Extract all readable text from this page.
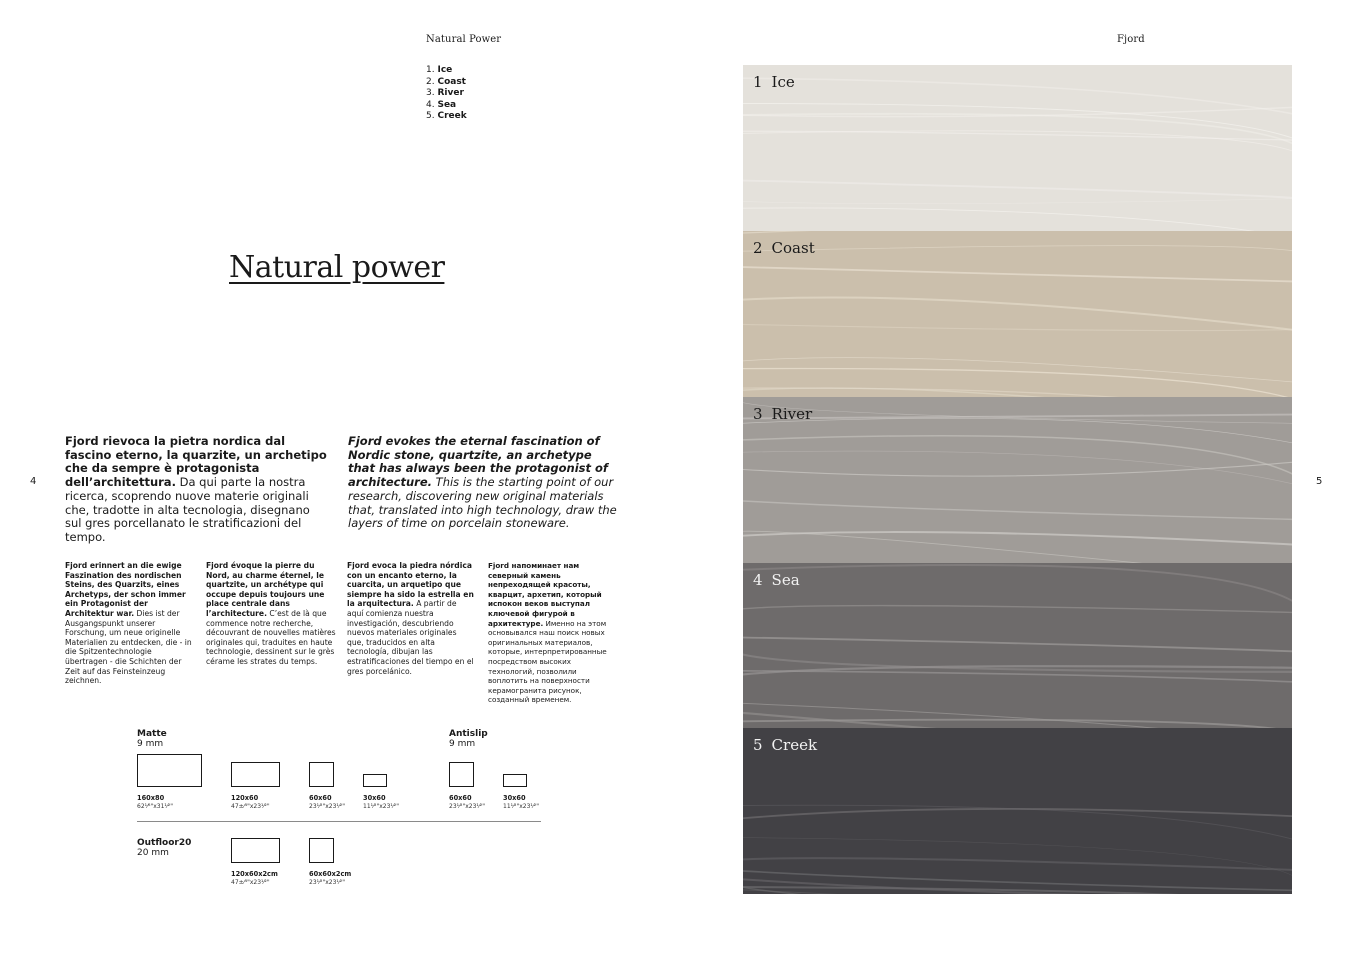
Natural Power
1. Ice
2. Coast
3. River
4. Sea
5. Creek
Natural power
4
Fjord rievoca la pietra nordica dal fascino eterno, la quarzite, un archetipo che da sempre è protagonista dell’architettura. Da qui parte la nostra ricerca, scoprendo nuove materie originali che, tradotte in alta tecnologia, disegnano sul gres porcellanato le stratificazioni del tempo.
Fjord evokes the eternal fascination of Nordic stone, quartzite, an archetype that has always been the protagonist of architecture. This is the starting point of our research, discovering new original materials that, translated into high technology, draw the layers of time on porcelain stoneware.
Fjord erinnert an die ewige Faszination des nordischen Steins, des Quarzits, eines Archetyps, der schon immer ein Protagonist der Architektur war. Dies ist der Ausgangspunkt unserer Forschung, um neue originelle Materialien zu entdecken, die - in die Spitzentechnologie übertragen - die Schichten der Zeit auf das Feinsteinzeug zeichnen.
Fjord évoque la pierre du Nord, au charme éternel, le quartzite, un archétype qui occupe depuis toujours une place centrale dans l’architecture. C’est de là que commence notre recherche, découvrant de nouvelles matières originales qui, traduites en haute technologie, dessinent sur le grès cérame les strates du temps.
Fjord evoca la piedra nórdica con un encanto eterno, la cuarcita, un arquetipo que siempre ha sido la estrella en la arquitectura. A partir de aquí comienza nuestra investigación, descubriendo nuevos materiales originales que, traducidos en alta tecnología, dibujan las estratificaciones del tiempo en el gres porcelánico.
Fjord напоминает нам северный камень непреходящей красоты, кварцит, архетип, который испокон веков выступал ключевой фигурой в архитектуре. Именно на этом основывался наш поиск новых оригинальных материалов, которые, интерпретированные посредством высоких технологий, позволили воплотить на поверхности керамогранита рисунок, созданный временем.
Matte
9 mm
Antislip
9 mm
160x80
62¹⁄⁸"x31¹⁄²"
120x60
47±⁄⁴"x23¹⁄²"
60x60
23¹⁄²"x23¹⁄²"
30x60
11¹⁄²"x23¹⁄²"
60x60
23¹⁄²"x23¹⁄²"
30x60
11¹⁄²"x23¹⁄²"
Outfloor20
20 mm
120x60x2cm
47±⁄⁴"x23¹⁄²"
60x60x2cm
23¹⁄²"x23¹⁄²"
Fjord
5
1 Ice
2 Coast
3 River
4 Sea
5 Creek
